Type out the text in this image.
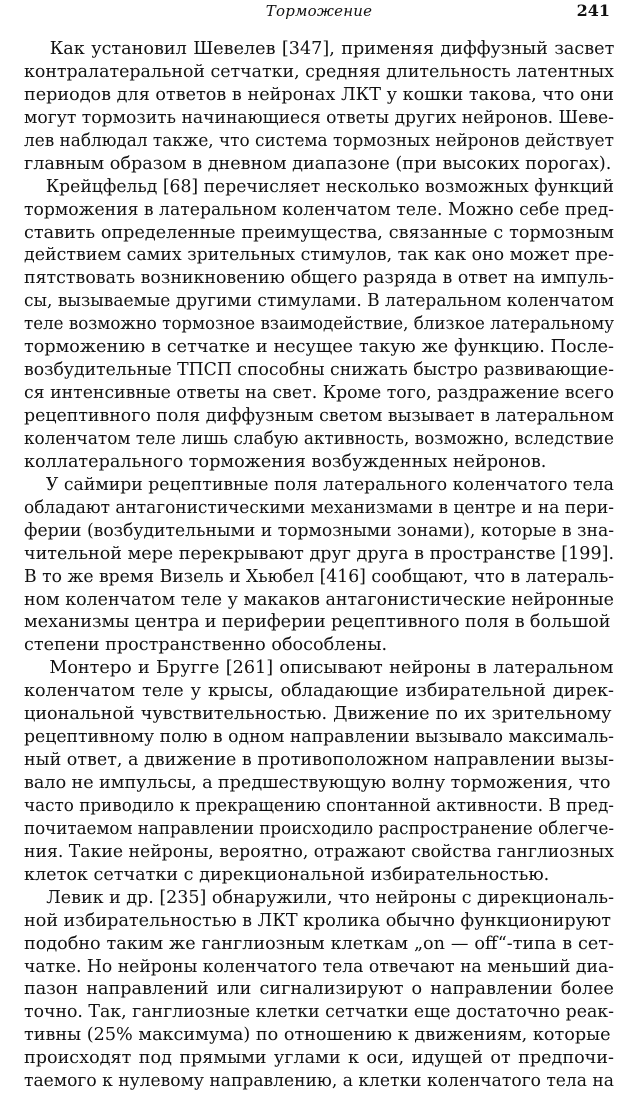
Торможение	241
Как установил Шевелев [347], применяя диффузный засвет
контралатеральной сетчатки, средняя длительность латентных
периодов для ответов в нейронах ЛКТ у кошки такова, что они
могут тормозить начинающиеся ответы других нейронов. Шеве-
лев наблюдал также, что система тормозных нейронов действует
главным образом в дневном диапазоне (при высоких порогах).
Крейцфельд [68] перечисляет несколько возможных функций
торможения в латеральном коленчатом теле. Можно себе пред-
ставить определенные преимущества, связанные с тормозным
действием самих зрительных стимулов, так как оно может пре-
пятствовать возникновению общего разряда в ответ на импуль-
сы, вызываемые другими стимулами. В латеральном коленчатом
теле возможно тормозное взаимодействие, близкое латеральному
торможению в сетчатке и несущее такую же функцию. После-
возбудительные ТПСП способны снижать быстро развивающие-
ся интенсивные ответы на свет. Кроме того, раздражение всего
рецептивного поля диффузным светом вызывает в латеральном
коленчатом теле лишь слабую активность, возможно, вследствие
коллатерального торможения возбужденных нейронов.
У саймири рецептивные поля латерального коленчатого тела
обладают антагонистическими механизмами в центре и на пери-
ферии (возбудительными и тормозными зонами), которые в зна-
чительной мере перекрывают друг друга в пространстве [199].
В то же время Визель и Хьюбел [416] сообщают, что в латераль-
ном коленчатом теле у макаков антагонистические нейронные
механизмы центра и периферии рецептивного поля в большой
степени пространственно обособлены.
Монтеро и Бругге [261] описывают нейроны в латеральном
коленчатом теле у крысы, обладающие избирательной дирек-
циональной чувствительностью. Движение по их зрительному
рецептивному полю в одном направлении вызывало максималь-
ный ответ, а движение в противоположном направлении вызы-
вало не импульсы, а предшествующую волну торможения, что
часто приводило к прекращению спонтанной активности. В пред-
почитаемом направлении происходило распространение облегче-
ния. Такие нейроны, вероятно, отражают свойства ганглиозных
клеток сетчатки с дирекциональной избирательностью.
Левик и др. [235] обнаружили, что нейроны с дирекциональ-
ной избирательностью в ЛКТ кролика обычно функционируют
подобно таким же ганглиозным клеткам „on — off“-типа в сет-
чатке. Но нейроны коленчатого тела отвечают на меньший диа-
пазон направлений или сигнализируют о направлении более
точно. Так, ганглиозные клетки сетчатки еще достаточно реак-
тивны (25% максимума) по отношению к движениям, которые
происходят под прямыми углами к оси, идущей от предпочи-
таемого к нулевому направлению, а клетки коленчатого тела на
